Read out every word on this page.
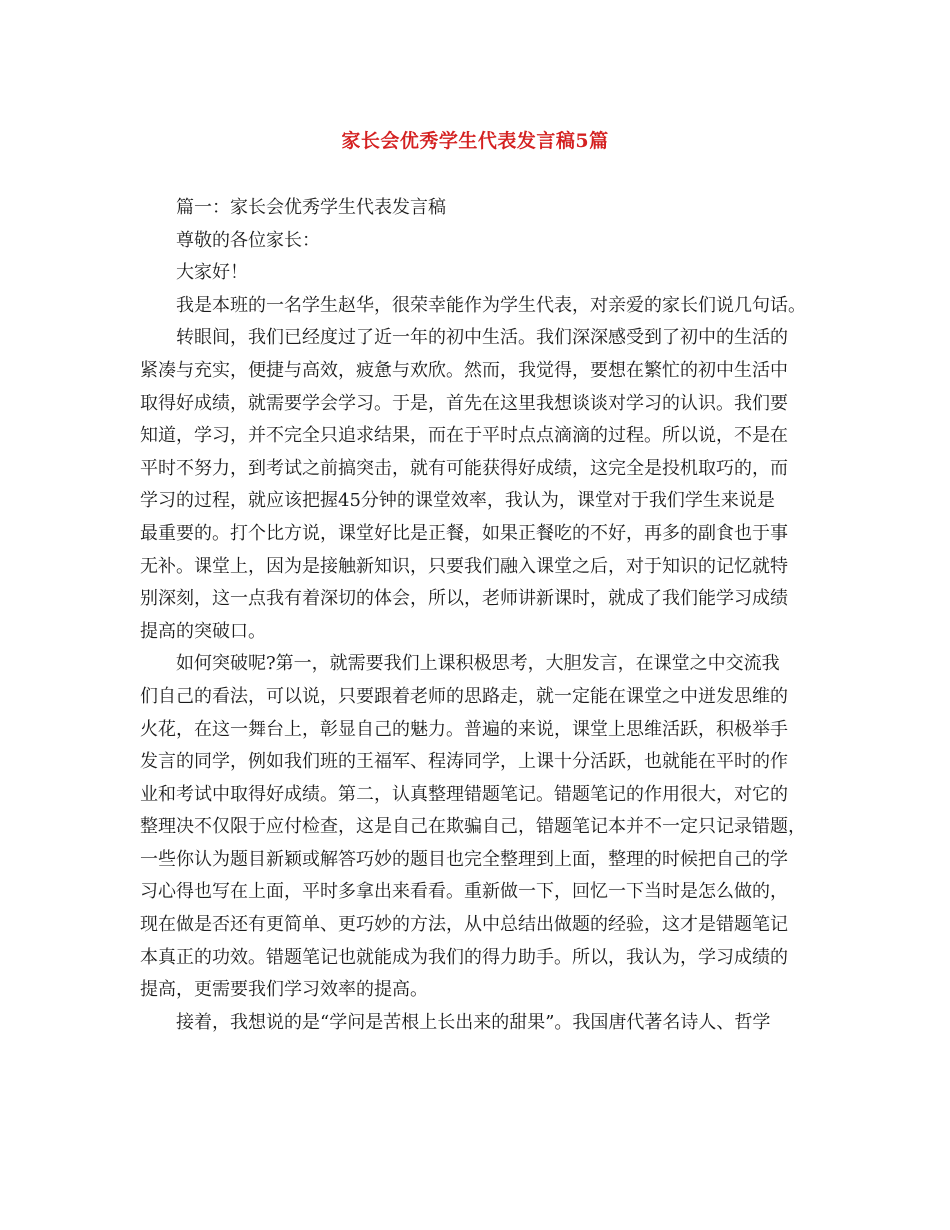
家长会优秀学生代表发言稿5篇
篇一：家长会优秀学生代表发言稿
尊敬的各位家长：
大家好！
我是本班的一名学生赵华，很荣幸能作为学生代表，对亲爱的家长们说几句话。
转眼间，我们已经度过了近一年的初中生活。我们深深感受到了初中的生活的
紧凑与充实，便捷与高效，疲惫与欢欣。然而，我觉得，要想在繁忙的初中生活中
取得好成绩，就需要学会学习。于是，首先在这里我想谈谈对学习的认识。我们要
知道，学习，并不完全只追求结果，而在于平时点点滴滴的过程。所以说，不是在
平时不努力，到考试之前搞突击，就有可能获得好成绩，这完全是投机取巧的，而
学习的过程，就应该把握45分钟的课堂效率，我认为，课堂对于我们学生来说是
最重要的。打个比方说，课堂好比是正餐，如果正餐吃的不好，再多的副食也于事
无补。课堂上，因为是接触新知识，只要我们融入课堂之后，对于知识的记忆就特
别深刻，这一点我有着深切的体会，所以，老师讲新课时，就成了我们能学习成绩
提高的突破口。
如何突破呢?第一，就需要我们上课积极思考，大胆发言，在课堂之中交流我
们自己的看法，可以说，只要跟着老师的思路走，就一定能在课堂之中迸发思维的
火花，在这一舞台上，彰显自己的魅力。普遍的来说，课堂上思维活跃，积极举手
发言的同学，例如我们班的王福军、程涛同学，上课十分活跃，也就能在平时的作
业和考试中取得好成绩。第二，认真整理错题笔记。错题笔记的作用很大，对它的
整理决不仅限于应付检查，这是自己在欺骗自己，错题笔记本并不一定只记录错题，
一些你认为题目新颖或解答巧妙的题目也完全整理到上面，整理的时候把自己的学
习心得也写在上面，平时多拿出来看看。重新做一下，回忆一下当时是怎么做的，
现在做是否还有更简单、更巧妙的方法，从中总结出做题的经验，这才是错题笔记
本真正的功效。错题笔记也就能成为我们的得力助手。所以，我认为，学习成绩的
提高，更需要我们学习效率的提高。
接着，我想说的是“学问是苦根上长出来的甜果”。我国唐代著名诗人、哲学
